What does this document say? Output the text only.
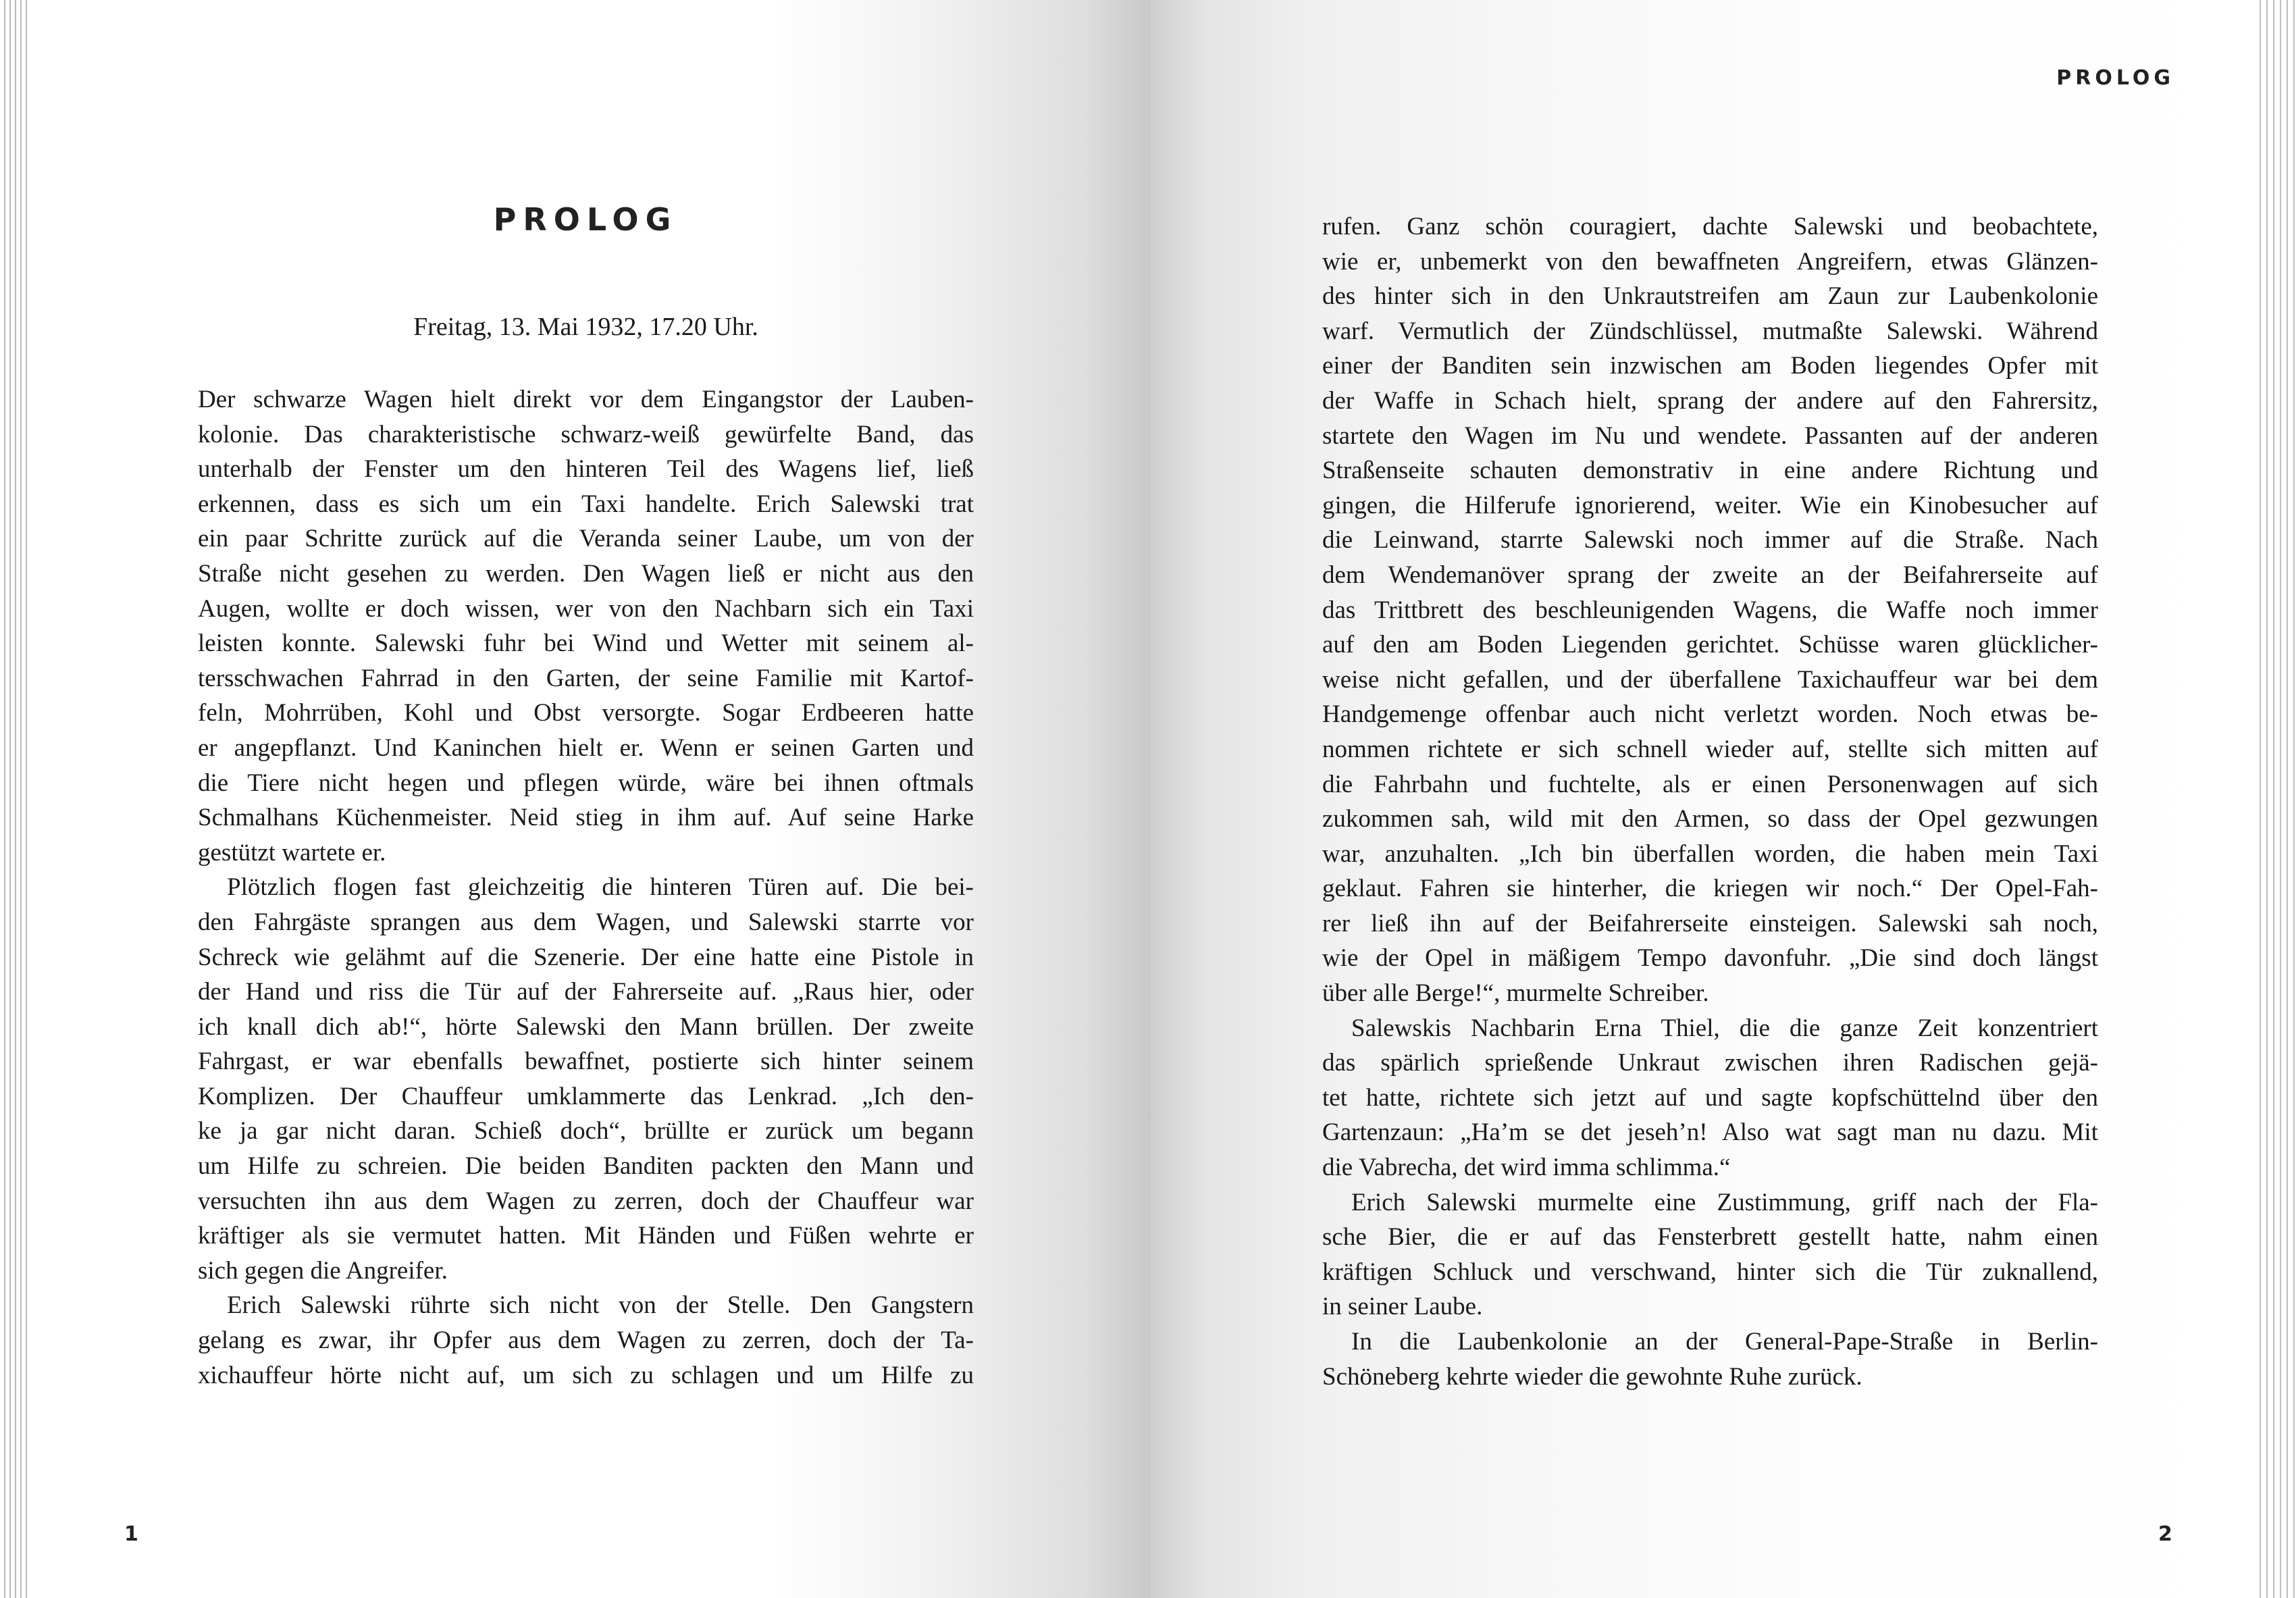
PROLOG
Freitag, 13. Mai 1932, 17.20 Uhr.
Der schwarze Wagen hielt direkt vor dem Eingangstor der Lauben-
kolonie. Das charakteristische schwarz-weiß gewürfelte Band, das
unterhalb der Fenster um den hinteren Teil des Wagens lief, ließ
erkennen, dass es sich um ein Taxi handelte. Erich Salewski trat
ein paar Schritte zurück auf die Veranda seiner Laube, um von der
Straße nicht gesehen zu werden. Den Wagen ließ er nicht aus den
Augen, wollte er doch wissen, wer von den Nachbarn sich ein Taxi
leisten konnte. Salewski fuhr bei Wind und Wetter mit seinem al-
tersschwachen Fahrrad in den Garten, der seine Familie mit Kartof-
feln, Mohrrüben, Kohl und Obst versorgte. Sogar Erdbeeren hatte
er angepflanzt. Und Kaninchen hielt er. Wenn er seinen Garten und
die Tiere nicht hegen und pflegen würde, wäre bei ihnen oftmals
Schmalhans Küchenmeister. Neid stieg in ihm auf. Auf seine Harke
gestützt wartete er.
Plötzlich flogen fast gleichzeitig die hinteren Türen auf. Die bei-
den Fahrgäste sprangen aus dem Wagen, und Salewski starrte vor
Schreck wie gelähmt auf die Szenerie. Der eine hatte eine Pistole in
der Hand und riss die Tür auf der Fahrerseite auf. „Raus hier, oder
ich knall dich ab!“, hörte Salewski den Mann brüllen. Der zweite
Fahrgast, er war ebenfalls bewaffnet, postierte sich hinter seinem
Komplizen. Der Chauffeur umklammerte das Lenkrad. „Ich den-
ke ja gar nicht daran. Schieß doch“, brüllte er zurück um begann
um Hilfe zu schreien. Die beiden Banditen packten den Mann und
versuchten ihn aus dem Wagen zu zerren, doch der Chauffeur war
kräftiger als sie vermutet hatten. Mit Händen und Füßen wehrte er
sich gegen die Angreifer.
Erich Salewski rührte sich nicht von der Stelle. Den Gangstern
gelang es zwar, ihr Opfer aus dem Wagen zu zerren, doch der Ta-
xichauffeur hörte nicht auf, um sich zu schlagen und um Hilfe zu
PROLOG
rufen. Ganz schön couragiert, dachte Salewski und beobachtete,
wie er, unbemerkt von den bewaffneten Angreifern, etwas Glänzen-
des hinter sich in den Unkrautstreifen am Zaun zur Laubenkolonie
warf. Vermutlich der Zündschlüssel, mutmaßte Salewski. Während
einer der Banditen sein inzwischen am Boden liegendes Opfer mit
der Waffe in Schach hielt, sprang der andere auf den Fahrersitz,
startete den Wagen im Nu und wendete. Passanten auf der anderen
Straßenseite schauten demonstrativ in eine andere Richtung und
gingen, die Hilferufe ignorierend, weiter. Wie ein Kinobesucher auf
die Leinwand, starrte Salewski noch immer auf die Straße. Nach
dem Wendemanöver sprang der zweite an der Beifahrerseite auf
das Trittbrett des beschleunigenden Wagens, die Waffe noch immer
auf den am Boden Liegenden gerichtet. Schüsse waren glücklicher-
weise nicht gefallen, und der überfallene Taxichauffeur war bei dem
Handgemenge offenbar auch nicht verletzt worden. Noch etwas be-
nommen richtete er sich schnell wieder auf, stellte sich mitten auf
die Fahrbahn und fuchtelte, als er einen Personenwagen auf sich
zukommen sah, wild mit den Armen, so dass der Opel gezwungen
war, anzuhalten. „Ich bin überfallen worden, die haben mein Taxi
geklaut. Fahren sie hinterher, die kriegen wir noch.“ Der Opel-Fah-
rer ließ ihn auf der Beifahrerseite einsteigen. Salewski sah noch,
wie der Opel in mäßigem Tempo davonfuhr. „Die sind doch längst
über alle Berge!“, murmelte Schreiber.
Salewskis Nachbarin Erna Thiel, die die ganze Zeit konzentriert
das spärlich sprießende Unkraut zwischen ihren Radischen gejä-
tet hatte, richtete sich jetzt auf und sagte kopfschüttelnd über den
Gartenzaun: „Ha’m se det jeseh’n! Also wat sagt man nu dazu. Mit
die Vabrecha, det wird imma schlimma.“
Erich Salewski murmelte eine Zustimmung, griff nach der Fla-
sche Bier, die er auf das Fensterbrett gestellt hatte, nahm einen
kräftigen Schluck und verschwand, hinter sich die Tür zuknallend,
in seiner Laube.
In die Laubenkolonie an der General-Pape-Straße in Berlin-
Schöneberg kehrte wieder die gewohnte Ruhe zurück.
1	2
